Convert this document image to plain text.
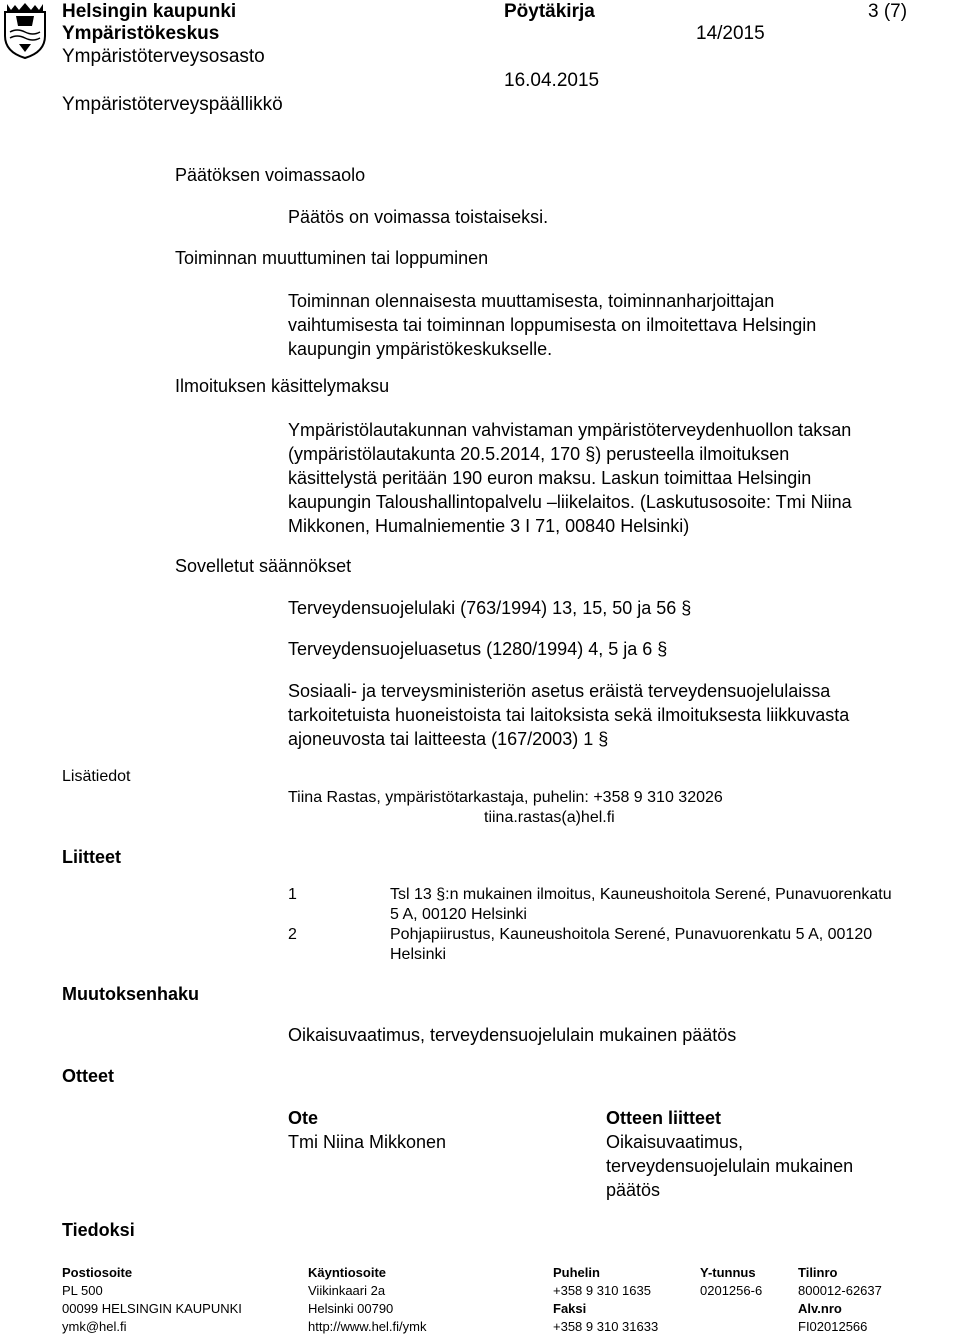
Helsingin kaupunki
Ympäristökeskus
Ympäristöterveysosasto
Ympäristöterveyspäällikkö
Pöytäkirja
14/2015
16.04.2015
3 (7)
Päätöksen voimassaolo
Päätös on voimassa toistaiseksi.
Toiminnan muuttuminen tai loppuminen
Toiminnan olennaisesta muuttamisesta, toiminnanharjoittajan
vaihtumisesta tai toiminnan loppumisesta on ilmoitettava Helsingin
kaupungin ympäristökeskukselle.
Ilmoituksen käsittelymaksu
Ympäristölautakunnan vahvistaman ympäristöterveydenhuollon taksan
(ympäristölautakunta 20.5.2014, 170 §) perusteella ilmoituksen
käsittelystä peritään 190 euron maksu. Laskun toimittaa Helsingin
kaupungin Taloushallintopalvelu –liikelaitos. (Laskutusosoite: Tmi Niina
Mikkonen, Humalniementie 3 I 71, 00840 Helsinki)
Sovelletut säännökset
Terveydensuojelulaki (763/1994) 13, 15, 50 ja 56 §
Terveydensuojeluasetus (1280/1994) 4, 5 ja 6 §
Sosiaali- ja terveysministeriön asetus eräistä terveydensuojelulaissa
tarkoitetuista huoneistoista tai laitoksista sekä ilmoituksesta liikkuvasta
ajoneuvosta tai laitteesta (167/2003) 1 §
Lisätiedot
Tiina Rastas, ympäristötarkastaja, puhelin: +358 9 310 32026
tiina.rastas(a)hel.fi
Liitteet
1	Tsl 13 §:n mukainen ilmoitus, Kauneushoitola Serené, Punavuorenkatu
5 A, 00120 Helsinki
2	Pohjapiirustus, Kauneushoitola Serené, Punavuorenkatu 5 A, 00120
Helsinki
Muutoksenhaku
Oikaisuvaatimus, terveydensuojelulain mukainen päätös
Otteet
Ote
Tmi Niina Mikkonen
Otteen liitteet
Oikaisuvaatimus,
terveydensuojelulain mukainen
päätös
Tiedoksi
Postiosoite
PL 500
00099 HELSINGIN KAUPUNKI
ymk@hel.fi
Käyntiosoite
Viikinkaari 2a
Helsinki 00790
http://www.hel.fi/ymk
Puhelin
+358 9 310 1635
Faksi
+358 9 310 31633
Y-tunnus
0201256-6
Tilinro
800012-62637
Alv.nro
FI02012566
